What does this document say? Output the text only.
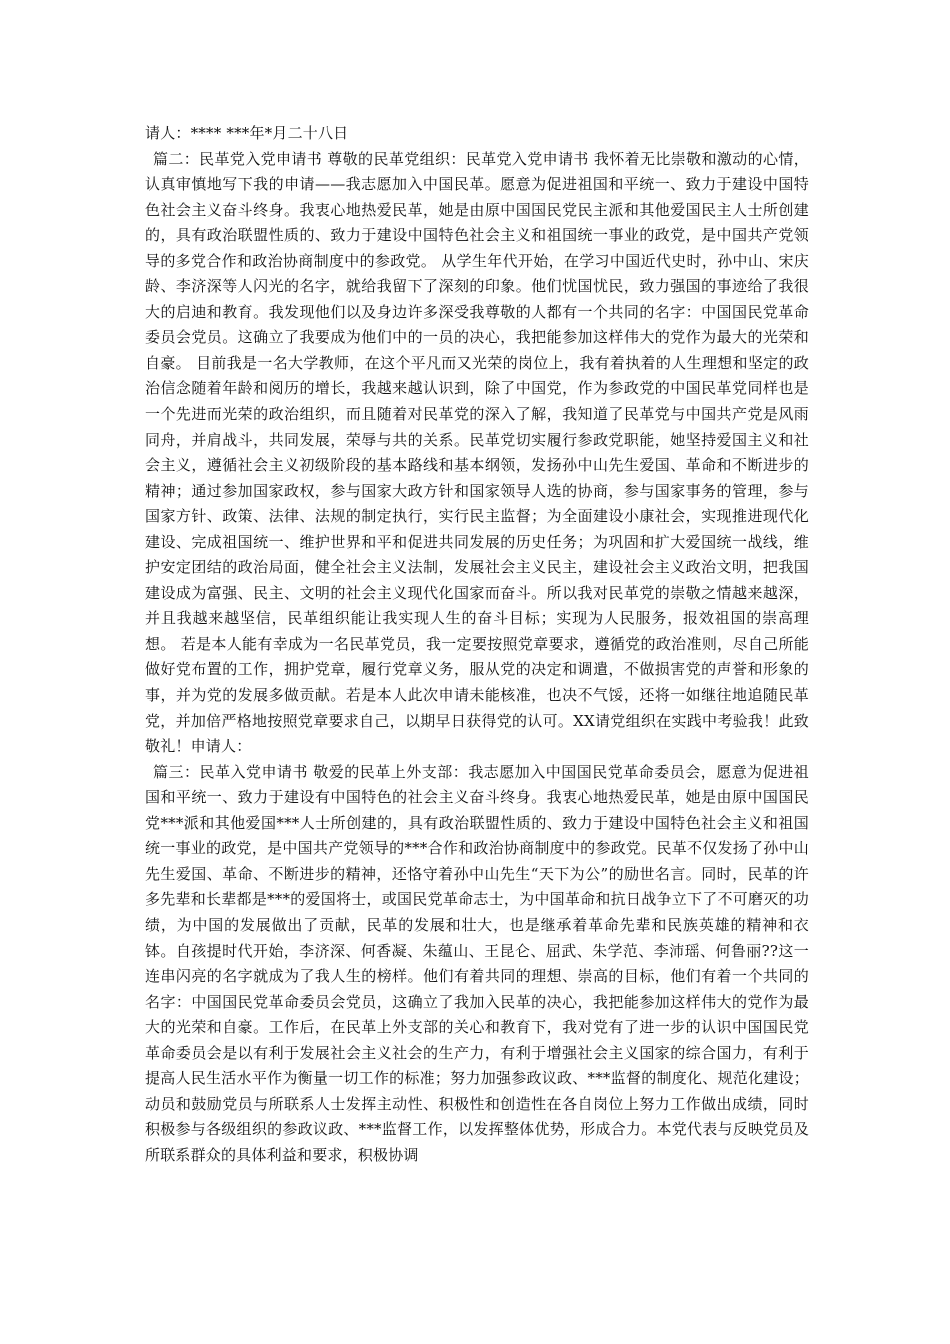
请人：**** ***年*月二十八日

篇二：民革党入党申请书 尊敬的民革党组织：民革党入党申请书 我怀着无比崇敬和激动的心情，认真审慎地写下我的申请——我志愿加入中国民革。愿意为促进祖国和平统一、致力于建设中国特色社会主义奋斗终身。我衷心地热爱民革，她是由原中国国民党民主派和其他爱国民主人士所创建的，具有政治联盟性质的、致力于建设中国特色社会主义和祖国统一事业的政党，是中国共产党领导的多党合作和政治协商制度中的参政党。 从学生年代开始，在学习中国近代史时，孙中山、宋庆龄、李济深等人闪光的名字，就给我留下了深刻的印象。他们忧国忧民，致力强国的事迹给了我很大的启迪和教育。我发现他们以及身边许多深受我尊敬的人都有一个共同的名字：中国国民党革命委员会党员。这确立了我要成为他们中的一员的决心，我把能参加这样伟大的党作为最大的光荣和自豪。 目前我是一名大学教师，在这个平凡而又光荣的岗位上，我有着执着的人生理想和坚定的政治信念随着年龄和阅历的增长，我越来越认识到，除了中国党，作为参政党的中国民革党同样也是一个先进而光荣的政治组织，而且随着对民革党的深入了解，我知道了民革党与中国共产党是风雨同舟，并肩战斗，共同发展，荣辱与共的关系。民革党切实履行参政党职能，她坚持爱国主义和社会主义，遵循社会主义初级阶段的基本路线和基本纲领，发扬孙中山先生爱国、革命和不断进步的精神；通过参加国家政权，参与国家大政方针和国家领导人选的协商，参与国家事务的管理，参与国家方针、政策、法律、法规的制定执行，实行民主监督；为全面建设小康社会，实现推进现代化建设、完成祖国统一、维护世界和平和促进共同发展的历史任务；为巩固和扩大爱国统一战线，维护安定团结的政治局面，健全社会主义法制，发展社会主义民主，建设社会主义政治文明，把我国建设成为富强、民主、文明的社会主义现代化国家而奋斗。所以我对民革党的崇敬之情越来越深，并且我越来越坚信，民革组织能让我实现人生的奋斗目标；实现为人民服务，报效祖国的崇高理想。 若是本人能有幸成为一名民革党员，我一定要按照党章要求，遵循党的政治准则，尽自己所能做好党布置的工作，拥护党章，履行党章义务，服从党的决定和调遣，不做损害党的声誉和形象的事，并为党的发展多做贡献。若是本人此次申请未能核准，也决不气馁，还将一如继往地追随民革党，并加倍严格地按照党章要求自己，以期早日获得党的认可。XX请党组织在实践中考验我！此致 敬礼！申请人：

篇三：民革入党申请书 敬爱的民革上外支部：我志愿加入中国国民党革命委员会，愿意为促进祖国和平统一、致力于建设有中国特色的社会主义奋斗终身。我衷心地热爱民革，她是由原中国国民党***派和其他爱国***人士所创建的，具有政治联盟性质的、致力于建设中国特色社会主义和祖国统一事业的政党，是中国共产党领导的***合作和政治协商制度中的参政党。民革不仅发扬了孙中山先生爱国、革命、不断进步的精神，还恪守着孙中山先生“天下为公”的励世名言。同时，民革的许多先辈和长辈都是***的爱国将士，或国民党革命志士，为中国革命和抗日战争立下了不可磨灭的功绩，为中国的发展做出了贡献，民革的发展和壮大，也是继承着革命先辈和民族英雄的精神和衣钵。自孩提时代开始，李济深、何香凝、朱蕴山、王昆仑、屈武、朱学范、李沛瑶、何鲁丽??这一连串闪亮的名字就成为了我人生的榜样。他们有着共同的理想、崇高的目标，他们有着一个共同的名字：中国国民党革命委员会党员，这确立了我加入民革的决心，我把能参加这样伟大的党作为最大的光荣和自豪。工作后，在民革上外支部的关心和教育下，我对党有了进一步的认识中国国民党革命委员会是以有利于发展社会主义社会的生产力，有利于增强社会主义国家的综合国力，有利于提高人民生活水平作为衡量一切工作的标准；努力加强参政议政、***监督的制度化、规范化建设；动员和鼓励党员与所联系人士发挥主动性、积极性和创造性在各自岗位上努力工作做出成绩，同时积极参与各级组织的参政议政、***监督工作，以发挥整体优势，形成合力。本党代表与反映党员及所联系群众的具体利益和要求，积极协调
